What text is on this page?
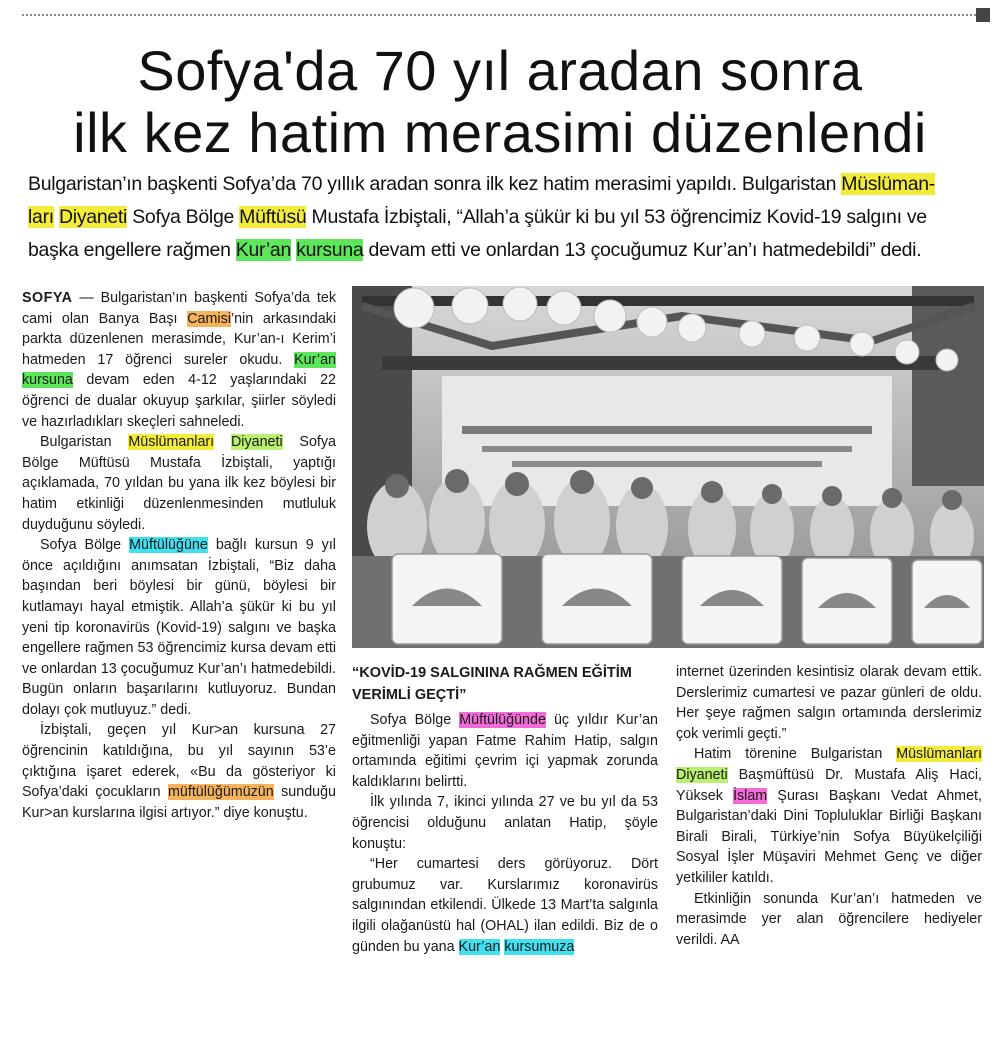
Sofya'da 70 yıl aradan sonra
ilk kez hatim merasimi düzenlendi
Bulgaristan’ın başkenti Sofya’da 70 yıllık aradan sonra ilk kez hatim merasimi yapıldı. Bulgaristan Müslüman-
ları Diyaneti Sofya Bölge Müftüsü Mustafa İzbiştali, “Allah’a şükür ki bu yıl 53 öğrencimiz Kovid-19 salgını ve başka engellere rağmen Kur’an kursuna devam etti ve onlardan 13 çocuğumuz Kur’an’ı hatmedebildi” dedi.

SOFYA — Bulgaristan’ın başkenti Sofya’da tek cami olan Banya Başı Camisi’nin arkasındaki parkta düzenlenen merasimde, Kur’an-ı Kerim’i hatmeden 17 öğrenci sureler okudu. Kur’an kursuna devam eden 4-12 yaşlarındaki 22 öğrenci de dualar okuyup şarkılar, şiirler söyledi ve hazırladıkları skeçleri sahneledi.

Bulgaristan Müslümanları Diyaneti Sofya Bölge Müftüsü Mustafa İzbiştali, yaptığı açıklamada, 70 yıldan bu yana ilk kez böylesi bir hatim etkinliği düzenlenmesinden mutluluk duyduğunu söyledi.

Sofya Bölge Müftülüğüne bağlı kursun 9 yıl önce açıldığını anımsatan İzbiştali, “Biz daha başından beri böylesi bir günü, böylesi bir kutlamayı hayal etmiştik. Allah’a şükür ki bu yıl yeni tip koronavirüs (Kovid-19) salgını ve başka engellere rağmen 53 öğrencimiz kursa devam etti ve onlardan 13 çocuğumuz Kur’an’ı hatmedebildi. Bugün onların başarılarını kutluyoruz. Bundan dolayı çok mutluyuz.” dedi.

İzbiştali, geçen yıl Kur>an kursuna 27 öğrencinin katıldığına, bu yıl sayının 53’e çıktığına işaret ederek, «Bu da gösteriyor ki Sofya’daki çocukların müftülüğümüzün sunduğu Kur>an kurslarına ilgisi artıyor.” diye konuştu.

“KOVİD-19 SALGININA RAĞMEN EĞİTİM VERİMLİ GEÇTİ”

Sofya Bölge Müftülüğünde üç yıldır Kur’an eğitmenliği yapan Fatme Rahim Hatip, salgın ortamında eğitimi çevrim içi yapmak zorunda kaldıklarını belirtti.

İlk yılında 7, ikinci yılında 27 ve bu yıl da 53 öğrencisi olduğunu anlatan Hatip, şöyle konuştu:

“Her cumartesi ders görüyoruz. Dört grubumuz var. Kurslarımız koronavirüs salgınından etkilendi. Ülkede 13 Mart’ta salgınla ilgili olağanüstü hal (OHAL) ilan edildi. Biz de o günden bu yana Kur’an kursumuza

internet üzerinden kesintisiz olarak devam ettik. Derslerimiz cumartesi ve pazar günleri de oldu. Her şeye rağmen salgın ortamında derslerimiz çok verimli geçti.”

Hatim törenine Bulgaristan Müslümanları Diyaneti Başmüftüsü Dr. Mustafa Aliş Haci, Yüksek İslam Şurası Başkanı Vedat Ahmet, Bulgaristan’daki Dini Topluluklar Birliği Başkanı Birali Birali, Türkiye’nin Sofya Büyükelçiliği Sosyal İşler Müşaviri Mehmet Genç ve diğer yetkililer katıldı.

Etkinliğin sonunda Kur’an’ı hatmeden ve merasimde yer alan öğrencilere hediyeler verildi. AA
